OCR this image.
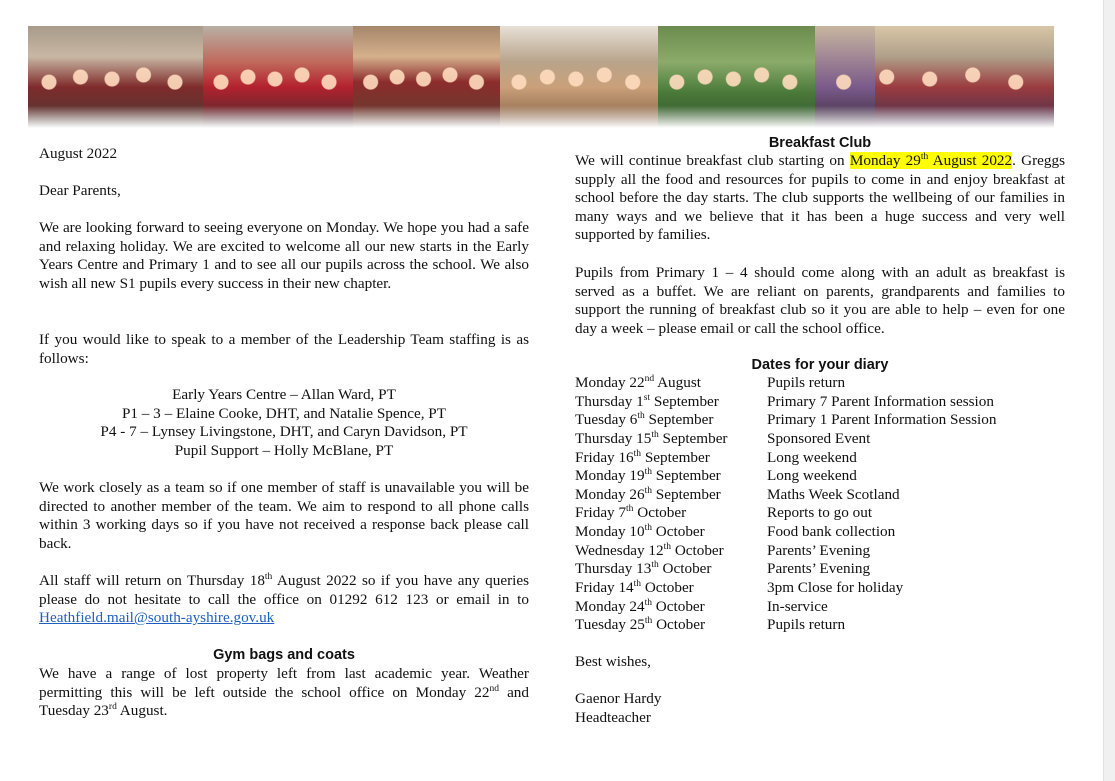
August 2022

Dear Parents,

We are looking forward to seeing everyone on Monday. We hope you had a safe and relaxing holiday. We are excited to welcome all our new starts in the Early Years Centre and Primary 1 and to see all our pupils across the school. We also wish all new S1 pupils every success in their new chapter.

If you would like to speak to a member of the Leadership Team staffing is as follows:

Early Years Centre – Allan Ward, PT

P1 – 3 – Elaine Cooke, DHT, and Natalie Spence, PT

P4 - 7 – Lynsey Livingstone, DHT, and Caryn Davidson, PT

Pupil Support – Holly McBlane, PT

We work closely as a team so if one member of staff is unavailable you will be directed to another member of the team. We aim to respond to all phone calls within 3 working days so if you have not received a response back please call back.

All staff will return on Thursday 18th August 2022 so if you have any queries please do not hesitate to call the office on 01292 612 123 or email in to Heathfield.mail@south-ayshire.gov.uk

Gym bags and coats

We have a range of lost property left from last academic year. Weather permitting this will be left outside the school office on Monday 22nd and Tuesday 23rd August.

Breakfast Club

We will continue breakfast club starting on Monday 29th August 2022. Greggs supply all the food and resources for pupils to come in and enjoy breakfast at school before the day starts. The club supports the wellbeing of our families in many ways and we believe that it has been a huge success and very well supported by families.

Pupils from Primary 1 – 4 should come along with an adult as breakfast is served as a buffet. We are reliant on parents, grandparents and families to support the running of breakfast club so it you are able to help – even for one day a week – please email or call the school office.

Dates for your diary

Monday 22nd August	Pupils return
Thursday 1st September	Primary 7 Parent Information session
Tuesday 6th September	Primary 1 Parent Information Session
Thursday 15th September	Sponsored Event
Friday 16th September	Long weekend
Monday 19th September	Long weekend
Monday 26th September	Maths Week Scotland
Friday 7th October	Reports to go out
Monday 10th October	Food bank collection
Wednesday 12th October	Parents’ Evening
Thursday 13th October	Parents’ Evening
Friday 14th October	3pm Close for holiday
Monday 24th October	In-service
Tuesday 25th October	Pupils return

Best wishes,

Gaenor Hardy

Headteacher
